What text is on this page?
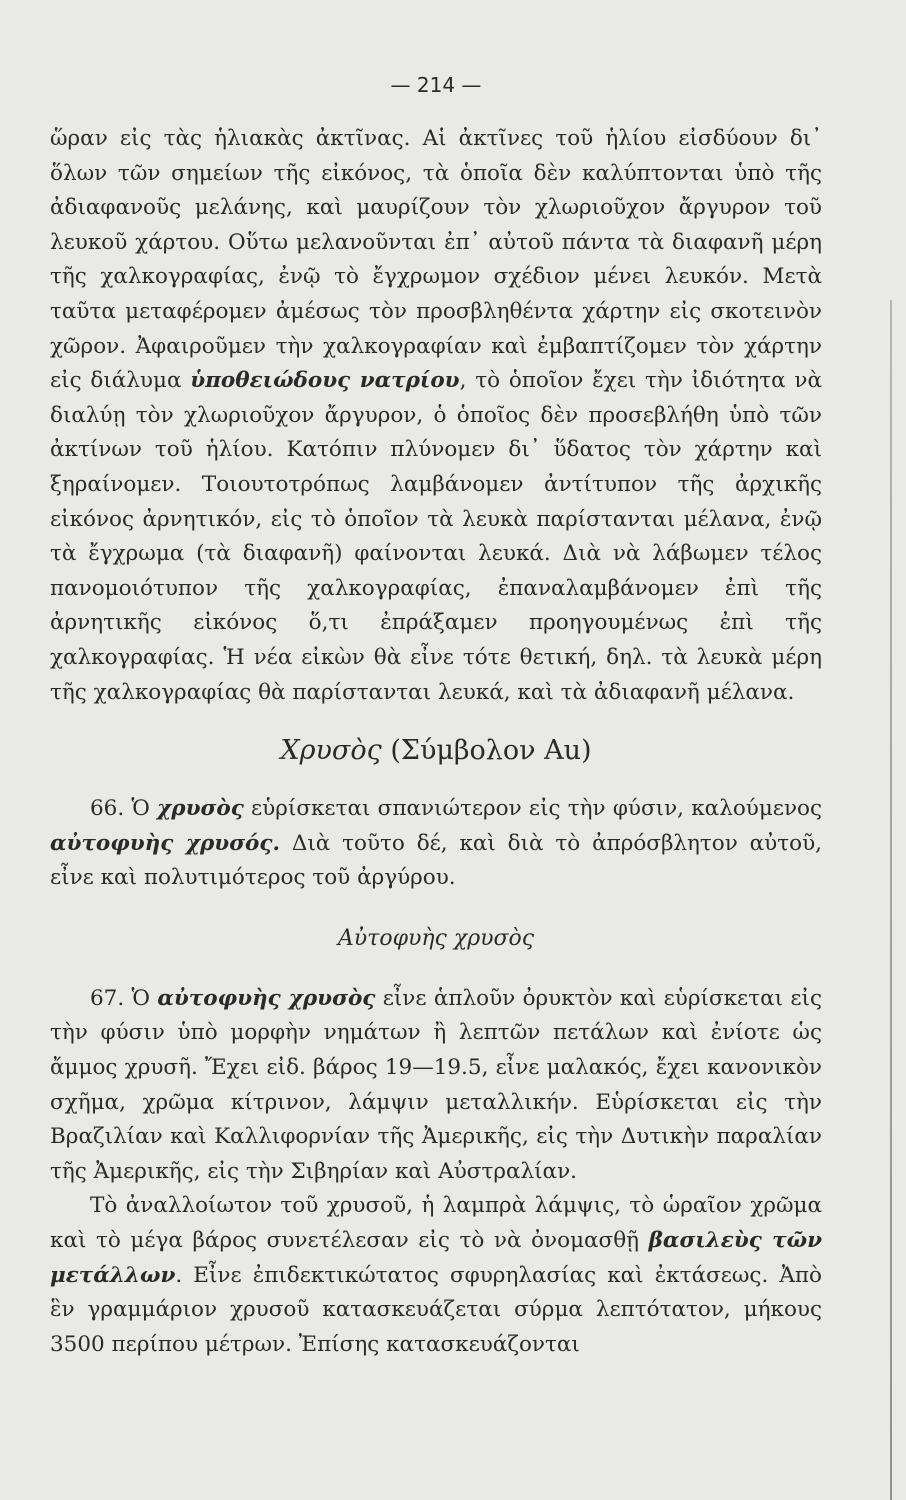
— 214 —

ὥραν εἰς τὰς ἡλιακὰς ἀκτῖνας. Αἱ ἀκτῖνες τοῦ ἡλίου εἰσδύουν δι᾽ ὅλων τῶν σημείων τῆς εἰκόνος, τὰ ὁποῖα δὲν καλύπτονται ὑπὸ τῆς ἀδιαφανοῦς μελάνης, καὶ μαυρίζουν τὸν χλωριοῦχον ἄργυρον τοῦ λευκοῦ χάρτου. Οὕτω μελανοῦνται ἐπ᾽ αὐτοῦ πάντα τὰ διαφανῆ μέρη τῆς χαλκογραφίας, ἐνῷ τὸ ἔγχρωμον σχέδιον μένει λευκόν. Μετὰ ταῦτα μεταφέρομεν ἀμέσως τὸν προσβληθέντα χάρτην εἰς σκοτεινὸν χῶρον. Ἀφαιροῦμεν τὴν χαλκογραφίαν καὶ ἐμβαπτίζομεν τὸν χάρτην εἰς διάλυμα ὑποθειώδους νατρίου, τὸ ὁποῖον ἔχει τὴν ἰδιότητα νὰ διαλύῃ τὸν χλωριοῦχον ἄργυρον, ὁ ὁποῖος δὲν προσεβλήθη ὑπὸ τῶν ἀκτίνων τοῦ ἡλίου. Κατόπιν πλύνομεν δι᾽ ὕδατος τὸν χάρτην καὶ ξηραίνομεν. Τοιουτοτρόπως λαμβάνομεν ἀντίτυπον τῆς ἀρχικῆς εἰκόνος ἀρνητικόν, εἰς τὸ ὁποῖον τὰ λευκὰ παρίστανται μέλανα, ἐνῷ τὰ ἔγχρωμα (τὰ διαφανῆ) φαίνονται λευκά. Διὰ νὰ λάβωμεν τέλος πανομοιότυπον τῆς χαλκογραφίας, ἐπαναλαμβάνομεν ἐπὶ τῆς ἀρνητικῆς εἰκόνος ὅ,τι ἐπράξαμεν προηγουμένως ἐπὶ τῆς χαλκογραφίας. Ἡ νέα εἰκὼν θὰ εἶνε τότε θετική, δηλ. τὰ λευκὰ μέρη τῆς χαλκογραφίας θὰ παρίστανται λευκά, καὶ τὰ ἀδιαφανῆ μέλανα.

Χρυσὸς (Σύμβολον Au)

66. Ὁ χρυσὸς εὑρίσκεται σπανιώτερον εἰς τὴν φύσιν, καλούμενος αὐτοφυὴς χρυσός. Διὰ τοῦτο δέ, καὶ διὰ τὸ ἀπρόσβλητον αὐτοῦ, εἶνε καὶ πολυτιμότερος τοῦ ἀργύρου.

Αὐτοφυὴς χρυσὸς

67. Ὁ αὐτοφυὴς χρυσὸς εἶνε ἁπλοῦν ὀρυκτὸν καὶ εὑρίσκεται εἰς τὴν φύσιν ὑπὸ μορφὴν νημάτων ἢ λεπτῶν πετάλων καὶ ἐνίοτε ὡς ἄμμος χρυσῆ. Ἔχει εἰδ. βάρος 19—19.5, εἶνε μαλακός, ἔχει κανονικὸν σχῆμα, χρῶμα κίτρινον, λάμψιν μεταλλικήν. Εὑρίσκεται εἰς τὴν Βραζιλίαν καὶ Καλλιφορνίαν τῆς Ἀμερικῆς, εἰς τὴν Δυτικὴν παραλίαν τῆς Ἀμερικῆς, εἰς τὴν Σιβηρίαν καὶ Αὐστραλίαν.

Τὸ ἀναλλοίωτον τοῦ χρυσοῦ, ἡ λαμπρὰ λάμψις, τὸ ὡραῖον χρῶμα καὶ τὸ μέγα βάρος συνετέλεσαν εἰς τὸ νὰ ὀνομασθῇ βασιλεὺς τῶν μετάλλων. Εἶνε ἐπιδεκτικώτατος σφυρηλασίας καὶ ἐκτάσεως. Ἀπὸ ἓν γραμμάριον χρυσοῦ κατασκευάζεται σύρμα λεπτότατον, μήκους 3500 περίπου μέτρων. Ἐπίσης κατασκευάζονται
